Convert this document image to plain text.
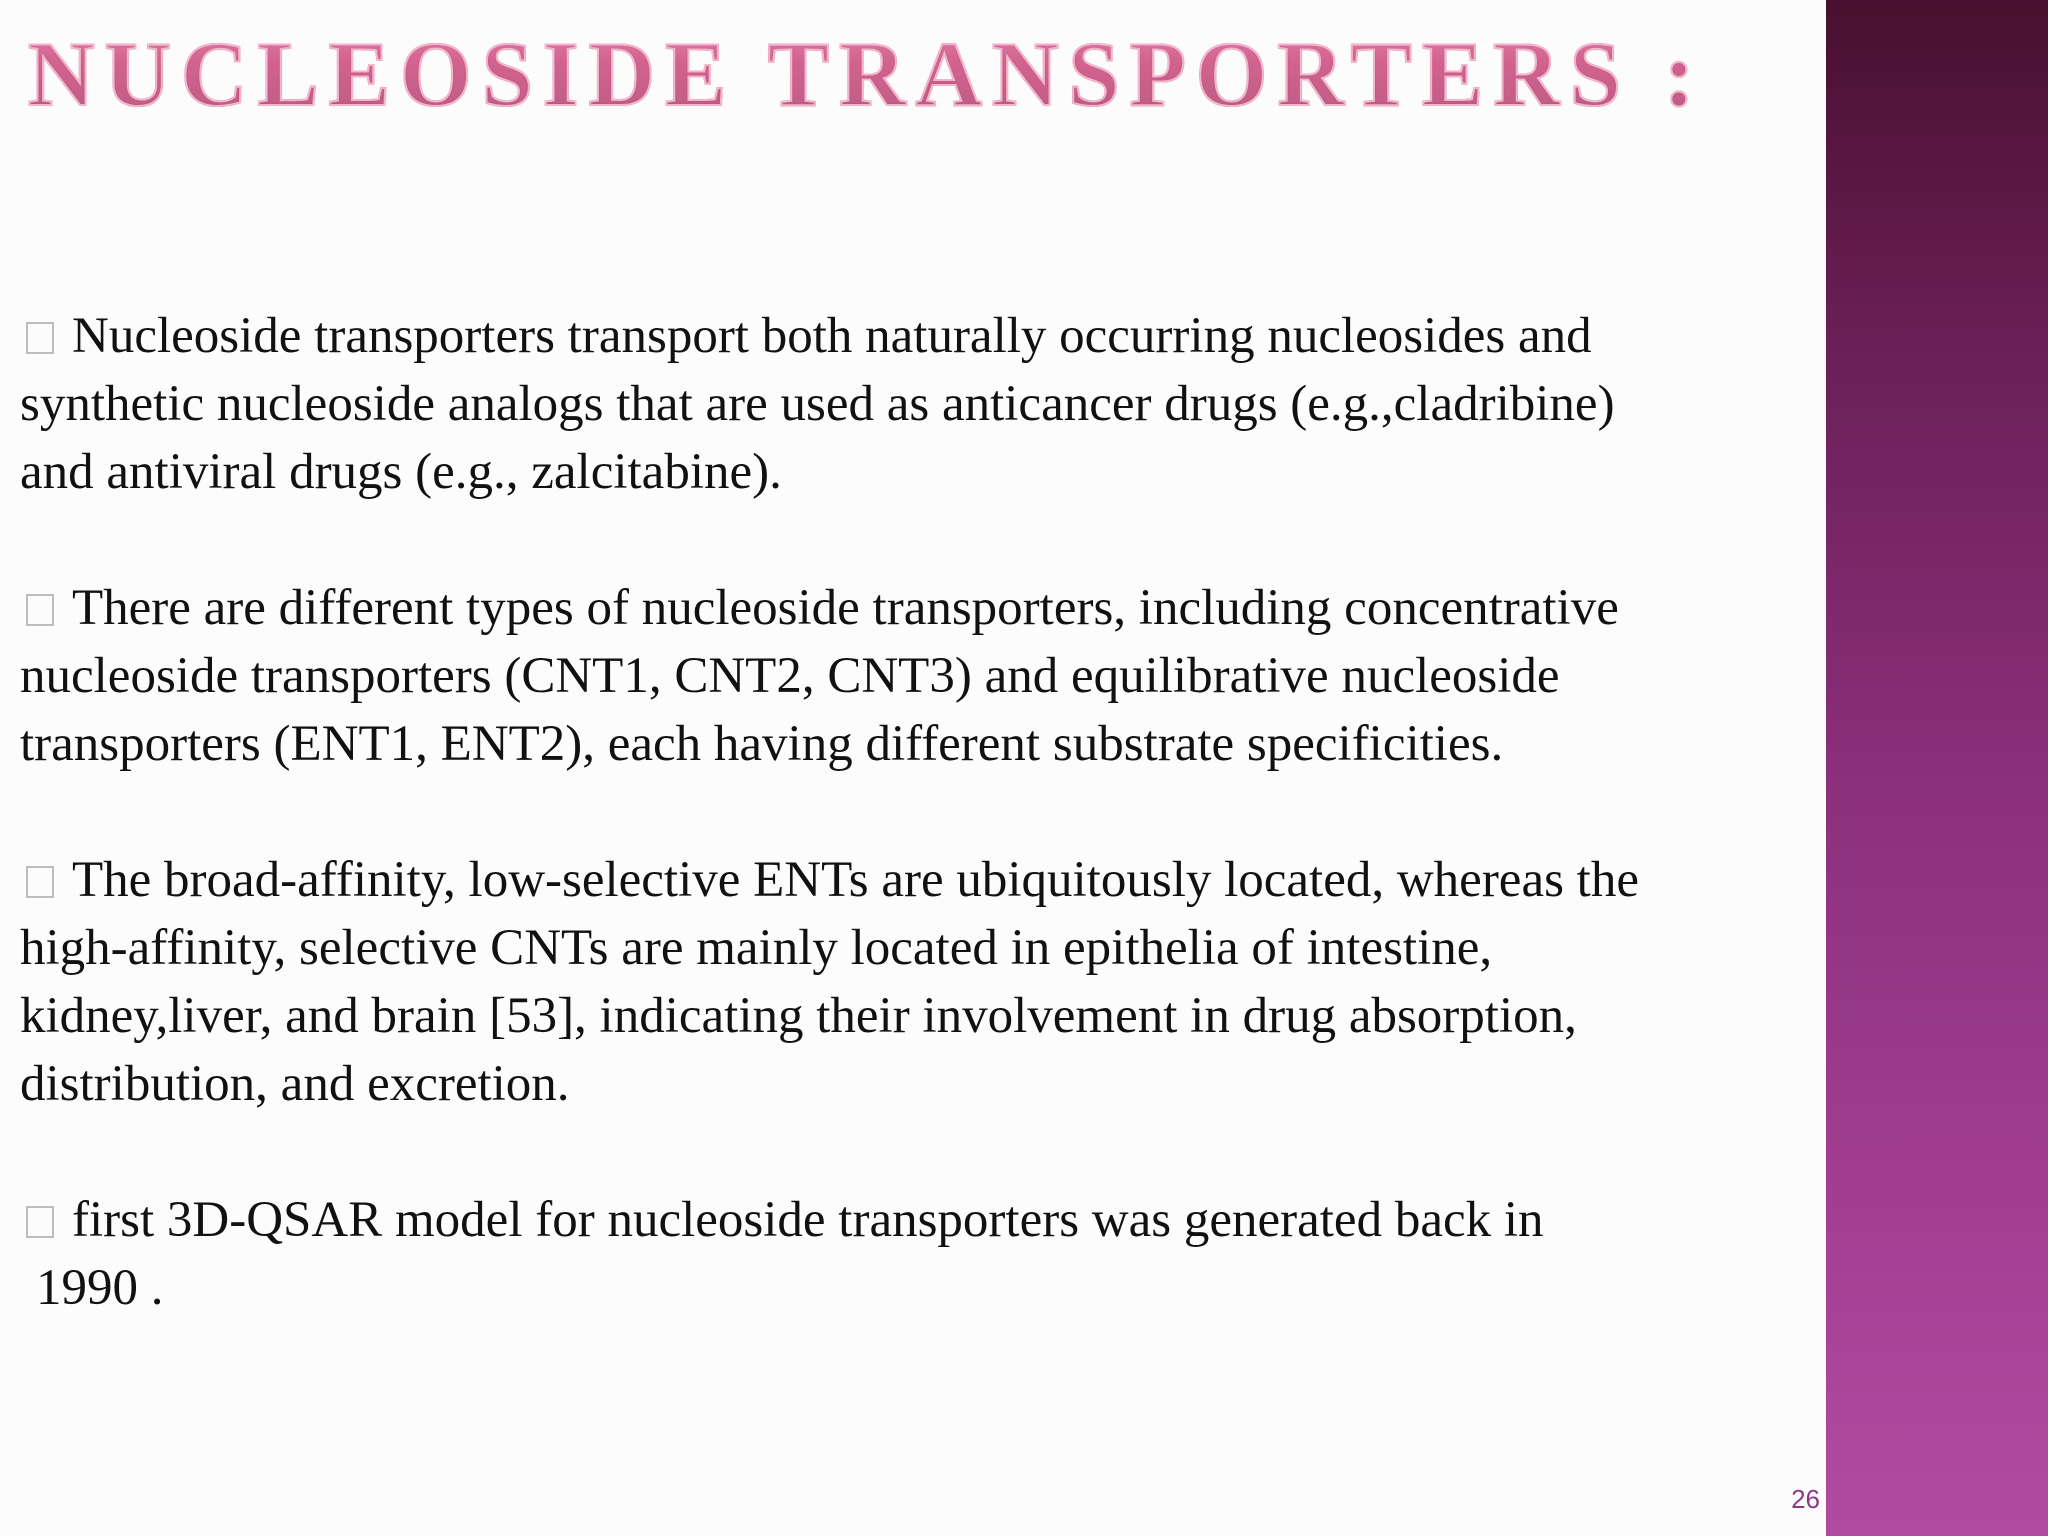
NUCLEOSIDE TRANSPORTERS :

Nucleoside transporters transport both naturally occurring nucleosides and
synthetic nucleoside analogs that are used as anticancer drugs (e.g.,cladribine)
and antiviral drugs (e.g., zalcitabine).

There are different types of nucleoside transporters, including concentrative
nucleoside transporters (CNT1, CNT2, CNT3) and equilibrative nucleoside
transporters (ENT1, ENT2), each having different substrate specificities.

The broad-affinity, low-selective ENTs are ubiquitously located, whereas the
high-affinity, selective CNTs are mainly located in epithelia of intestine,
kidney,liver, and brain [53], indicating their involvement in drug absorption,
distribution, and excretion.

first 3D-QSAR model for nucleoside transporters was generated back in
1990 .

26
